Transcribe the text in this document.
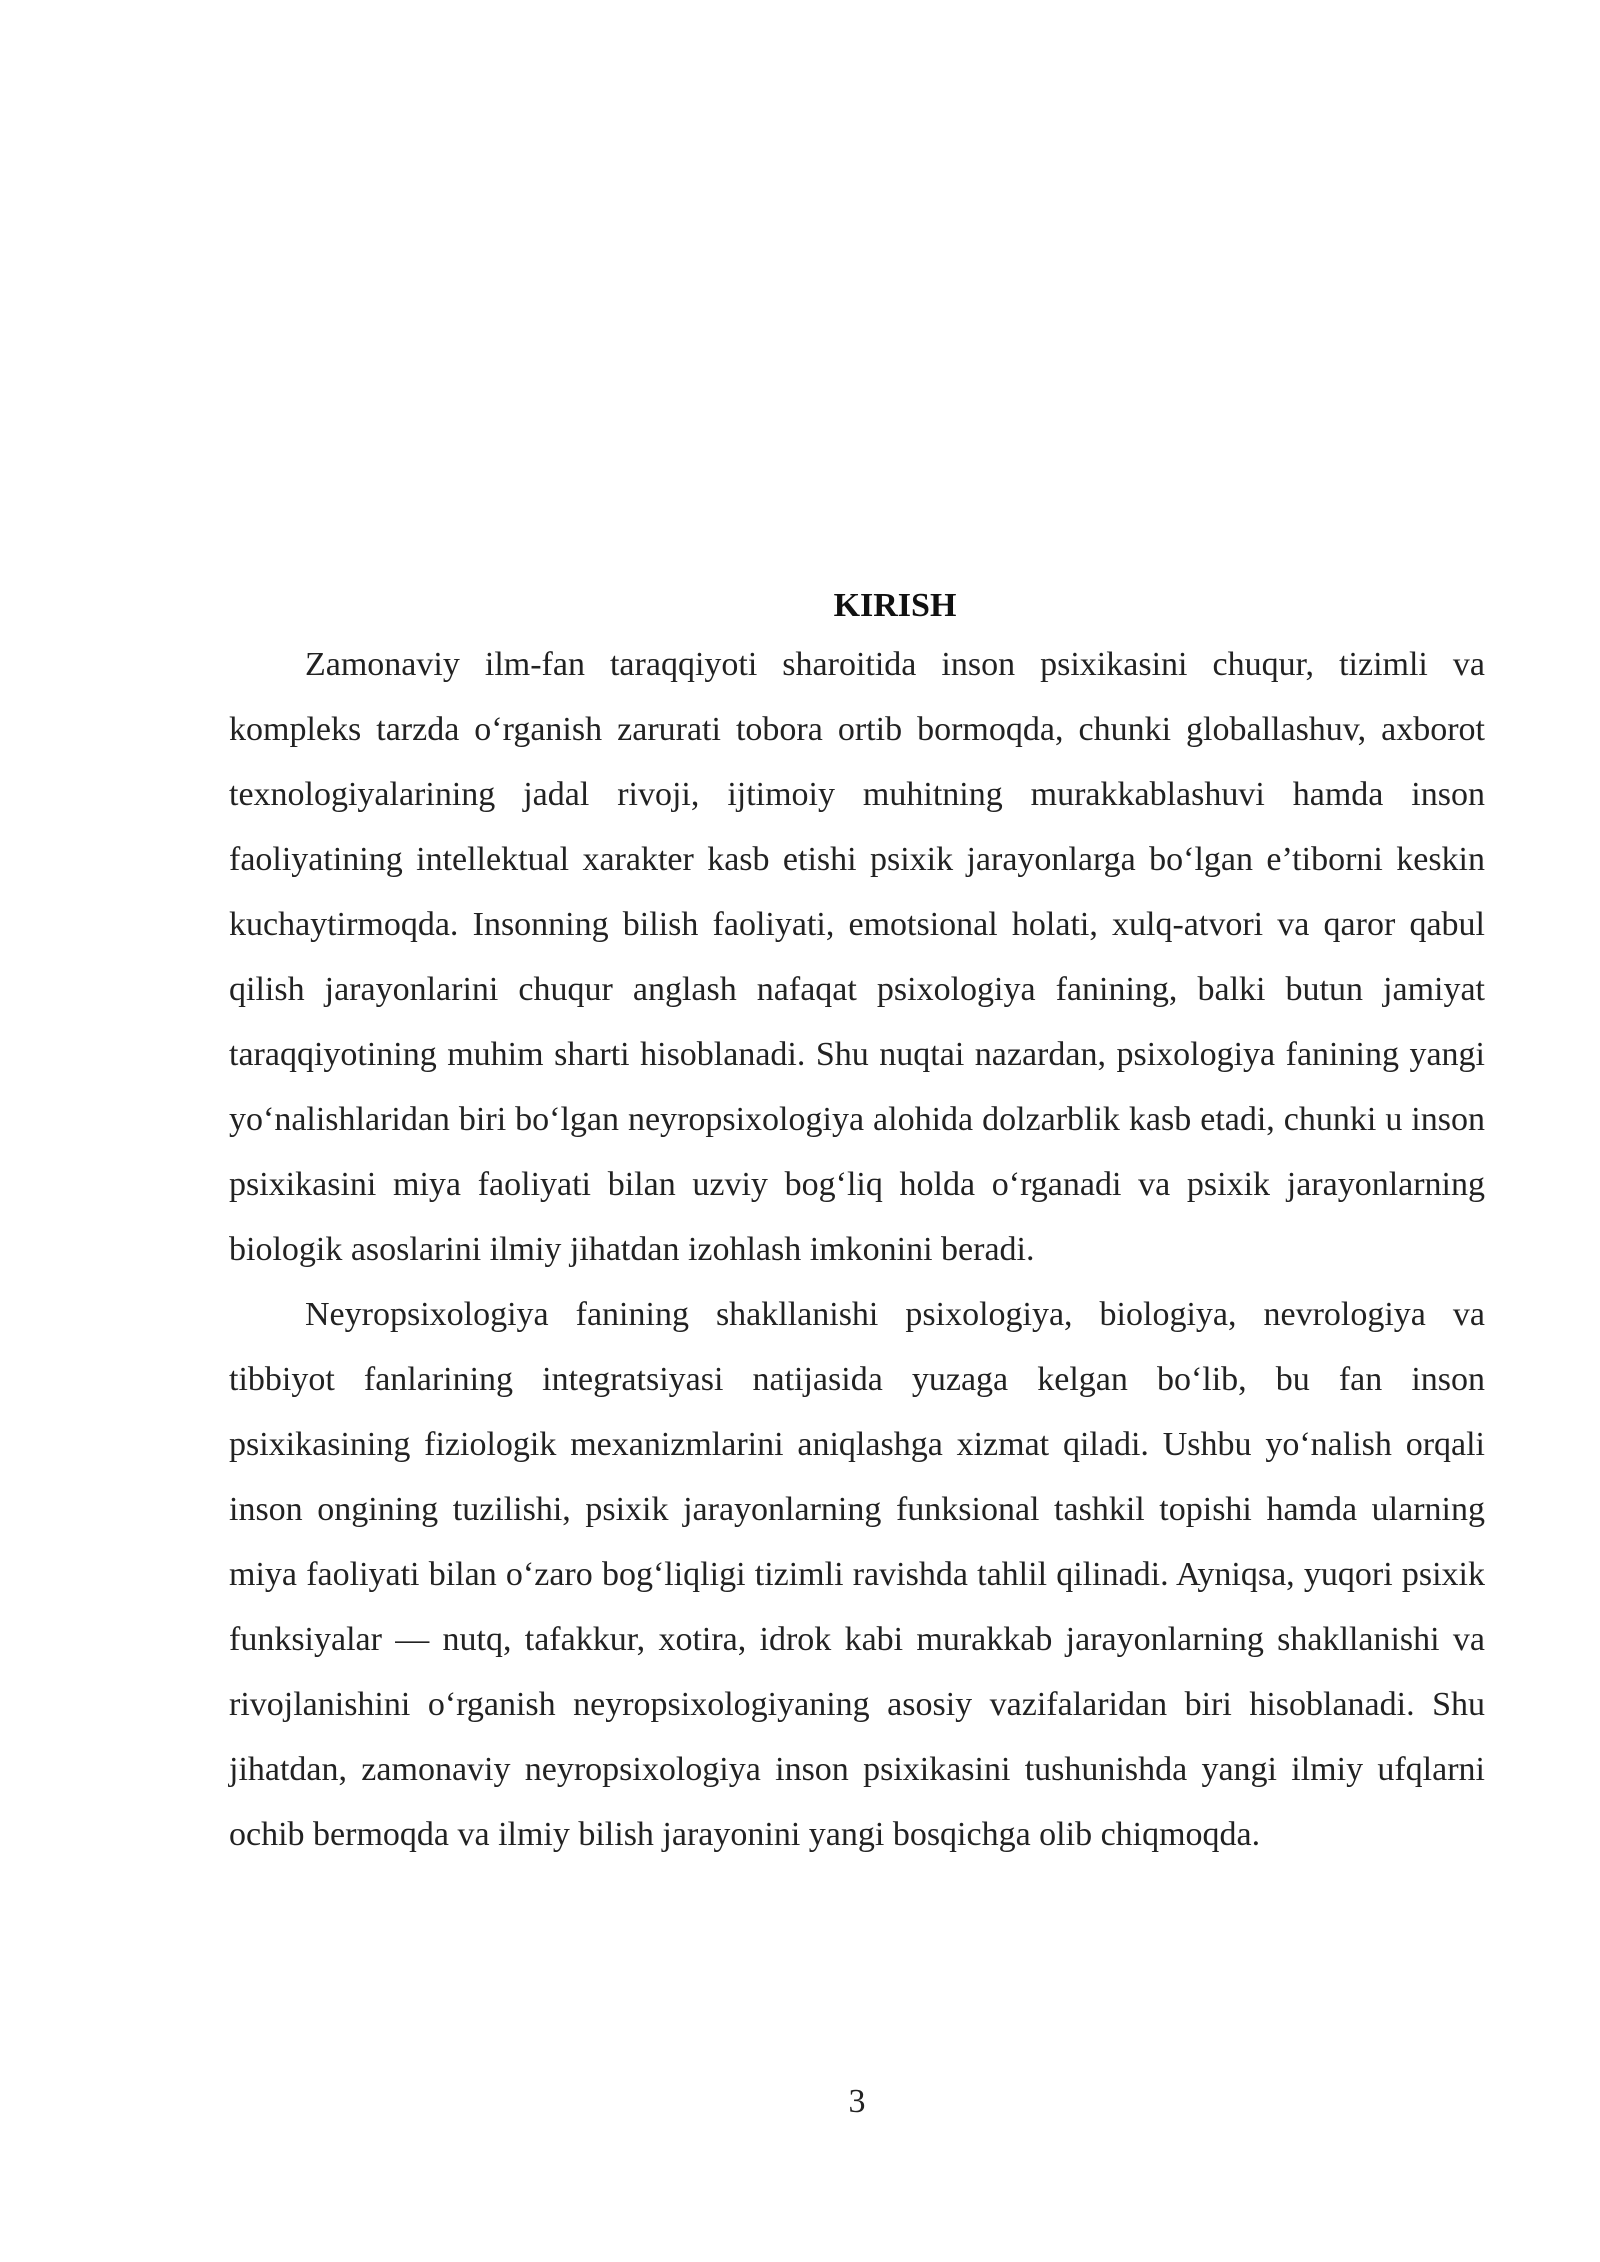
KIRISH

Zamonaviy ilm-fan taraqqiyoti sharoitida inson psixikasini chuqur, tizimli va kompleks tarzda o‘rganish zarurati tobora ortib bormoqda, chunki globallashuv, axborot texnologiyalarining jadal rivoji, ijtimoiy muhitning murakkablashuvi hamda inson faoliyatining intellektual xarakter kasb etishi psixik jarayonlarga bo‘lgan e’tiborni keskin kuchaytirmoqda. Insonning bilish faoliyati, emotsional holati, xulq-atvori va qaror qabul qilish jarayonlarini chuqur anglash nafaqat psixologiya fanining, balki butun jamiyat taraqqiyotining muhim sharti hisoblanadi. Shu nuqtai nazardan, psixologiya fanining yangi yo‘nalishlaridan biri bo‘lgan neyropsixologiya alohida dolzarblik kasb etadi, chunki u inson psixikasini miya faoliyati bilan uzviy bog‘liq holda o‘rganadi va psixik jarayonlarning biologik asoslarini ilmiy jihatdan izohlash imkonini beradi.

Neyropsixologiya fanining shakllanishi psixologiya, biologiya, nevrologiya va tibbiyot fanlarining integratsiyasi natijasida yuzaga kelgan bo‘lib, bu fan inson psixikasining fiziologik mexanizmlarini aniqlashga xizmat qiladi. Ushbu yo‘nalish orqali inson ongining tuzilishi, psixik jarayonlarning funksional tashkil topishi hamda ularning miya faoliyati bilan o‘zaro bog‘liqligi tizimli ravishda tahlil qilinadi. Ayniqsa, yuqori psixik funksiyalar — nutq, tafakkur, xotira, idrok kabi murakkab jarayonlarning shakllanishi va rivojlanishini o‘rganish neyropsixologiyaning asosiy vazifalaridan biri hisoblanadi. Shu jihatdan, zamonaviy neyropsixologiya inson psixikasini tushunishda yangi ilmiy ufqlarni ochib bermoqda va ilmiy bilish jarayonini yangi bosqichga olib chiqmoqda.

3
